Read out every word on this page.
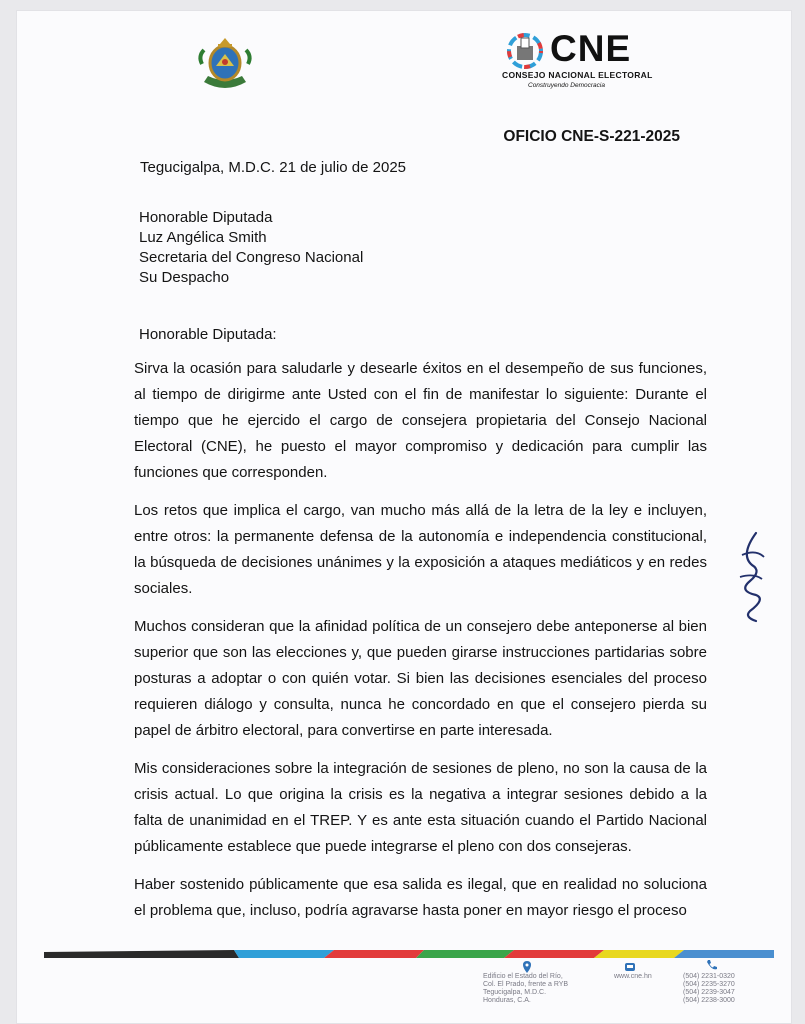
CNE
CONSEJO NACIONAL ELECTORAL
Construyendo Democracia
OFICIO CNE-S-221-2025
Tegucigalpa, M.D.C. 21 de julio de 2025
Honorable Diputada
Luz Angélica Smith
Secretaria del Congreso Nacional
Su Despacho
Honorable Diputada:

Sirva la ocasión para saludarle y desearle éxitos en el desempeño de sus funciones, al tiempo de dirigirme ante Usted con el fin de manifestar lo siguiente: Durante el tiempo que he ejercido el cargo de consejera propietaria del Consejo Nacional Electoral (CNE), he puesto el mayor compromiso y dedicación para cumplir las funciones que corresponden.

Los retos que implica el cargo, van mucho más allá de la letra de la ley e incluyen, entre otros: la permanente defensa de la autonomía e independencia constitucional, la búsqueda de decisiones unánimes y la exposición a ataques mediáticos y en redes sociales.

Muchos consideran que la afinidad política de un consejero debe anteponerse al bien superior que son las elecciones y, que pueden girarse instrucciones partidarias sobre posturas a adoptar o con quién votar. Si bien las decisiones esenciales del proceso requieren diálogo y consulta, nunca he concordado en que el consejero pierda su papel de árbitro electoral, para convertirse en parte interesada.

Mis consideraciones sobre la integración de sesiones de pleno, no son la causa de la crisis actual. Lo que origina la crisis es la negativa a integrar sesiones debido a la falta de unanimidad en el TREP. Y es ante esta situación cuando el Partido Nacional públicamente establece que puede integrarse el pleno con dos consejeras.

Haber sostenido públicamente que esa salida es ilegal, que en realidad no soluciona el problema que, incluso, podría agravarse hasta poner en mayor riesgo el proceso

Edificio el Estado del Río,
Col. El Prado, frente a RYB
Tegucigalpa, M.D.C.
Honduras, C.A.
www.cne.hn	(504) 2231-0320
(504) 2235-3270
(504) 2239-3047
(504) 2238-3000
